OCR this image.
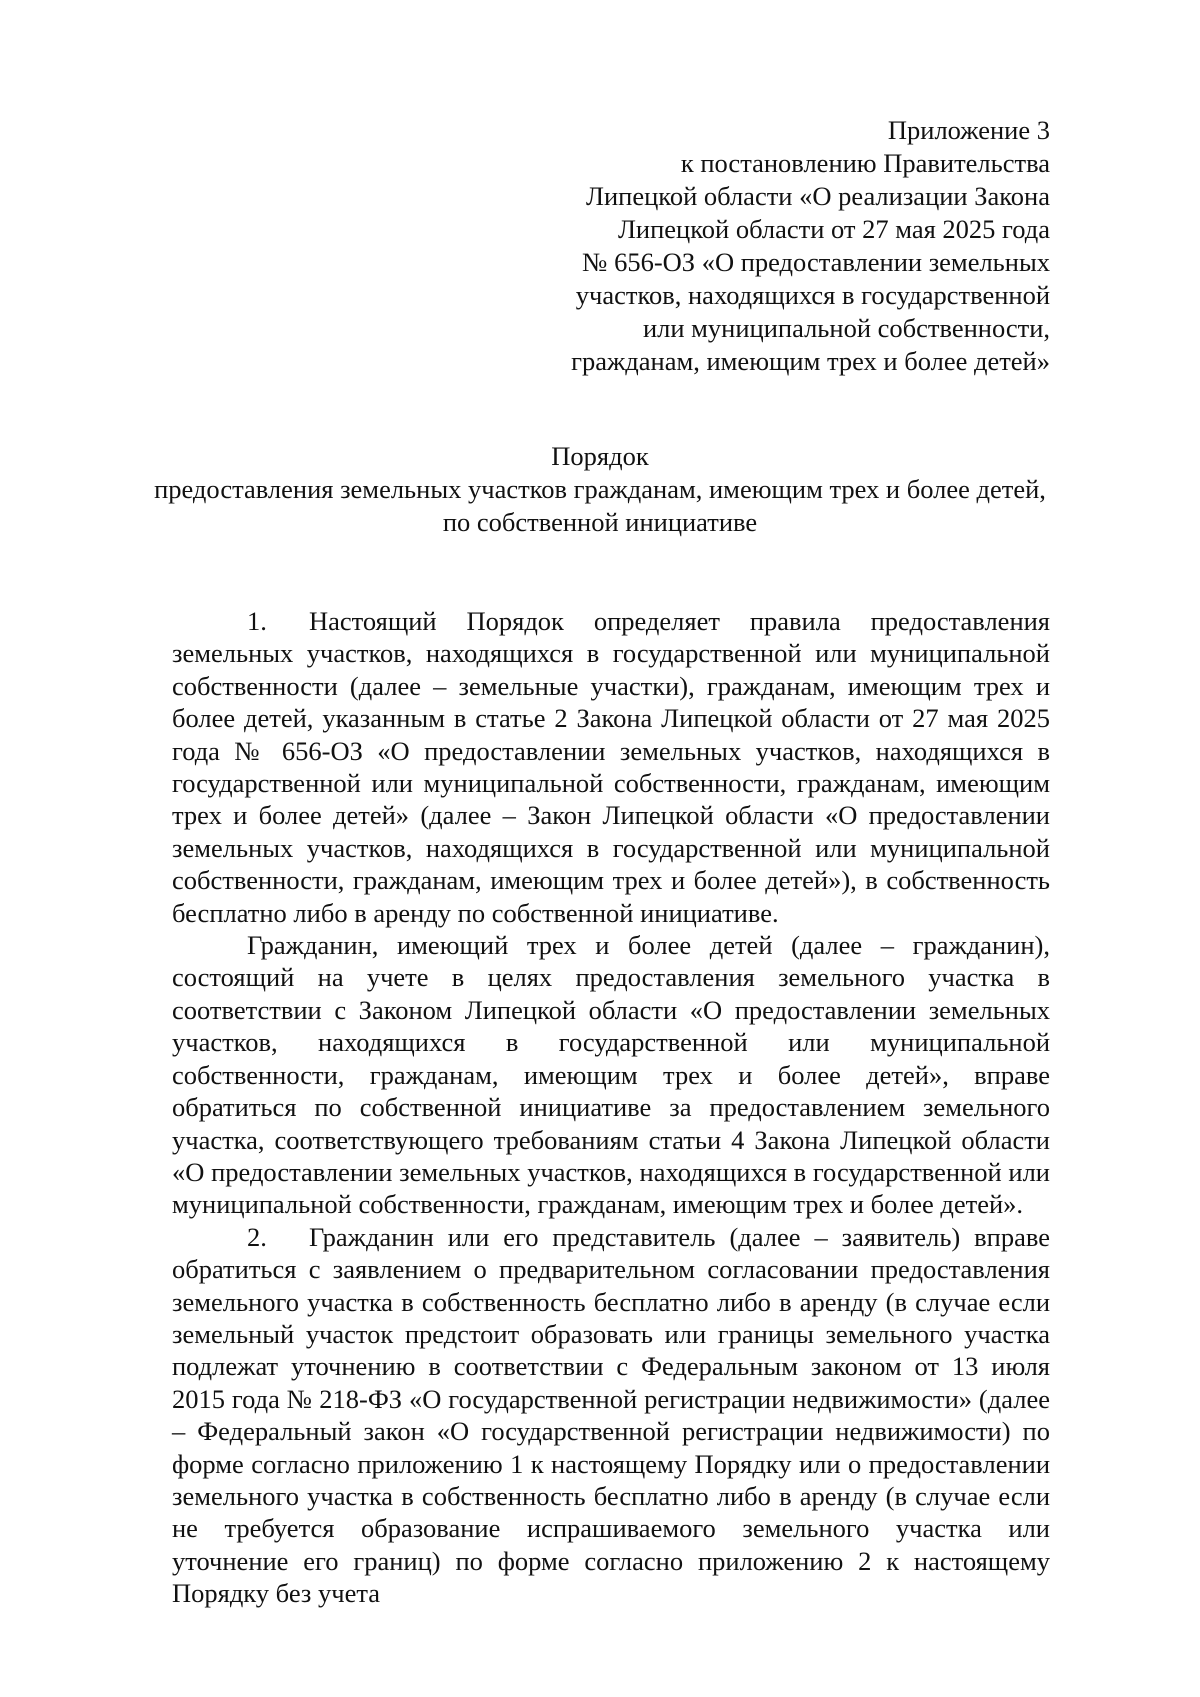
Приложение 3
к постановлению Правительства
Липецкой области «О реализации Закона
Липецкой области от 27 мая 2025 года
№ 656-ОЗ «О предоставлении земельных
участков, находящихся в государственной
или муниципальной собственности,
гражданам, имеющим трех и более детей»
Порядок
предоставления земельных участков гражданам, имеющим трех и более детей,
по собственной инициативе

1. Настоящий Порядок определяет правила предоставления земельных участков, находящихся в государственной или муниципальной собственности (далее – земельные участки), гражданам, имеющим трех и более детей, указанным в статье 2 Закона Липецкой области от 27 мая 2025 года № 656-ОЗ «О предоставлении земельных участков, находящихся в государственной или муниципальной собственности, гражданам, имеющим трех и более детей» (далее – Закон Липецкой области «О предоставлении земельных участков, находящихся в государственной или муниципальной собственности, гражданам, имеющим трех и более детей»), в собственность бесплатно либо в аренду по собственной инициативе.

Гражданин, имеющий трех и более детей (далее – гражданин), состоящий на учете в целях предоставления земельного участка в соответствии с Законом Липецкой области «О предоставлении земельных участков, находящихся в государственной или муниципальной собственности, гражданам, имеющим трех и более детей», вправе обратиться по собственной инициативе за предоставлением земельного участка, соответствующего требованиям статьи 4 Закона Липецкой области «О предоставлении земельных участков, находящихся в государственной или муниципальной собственности, гражданам, имеющим трех и более детей».

2. Гражданин или его представитель (далее – заявитель) вправе обратиться с заявлением о предварительном согласовании предоставления земельного участка в собственность бесплатно либо в аренду (в случае если земельный участок предстоит образовать или границы земельного участка подлежат уточнению в соответствии с Федеральным законом от 13 июля 2015 года № 218-ФЗ «О государственной регистрации недвижимости» (далее – Федеральный закон «О государственной регистрации недвижимости) по форме согласно приложению 1 к настоящему Порядку или о предоставлении земельного участка в собственность бесплатно либо в аренду (в случае если не требуется образование испрашиваемого земельного участка или уточнение его границ) по форме согласно приложению 2 к настоящему Порядку без учета
